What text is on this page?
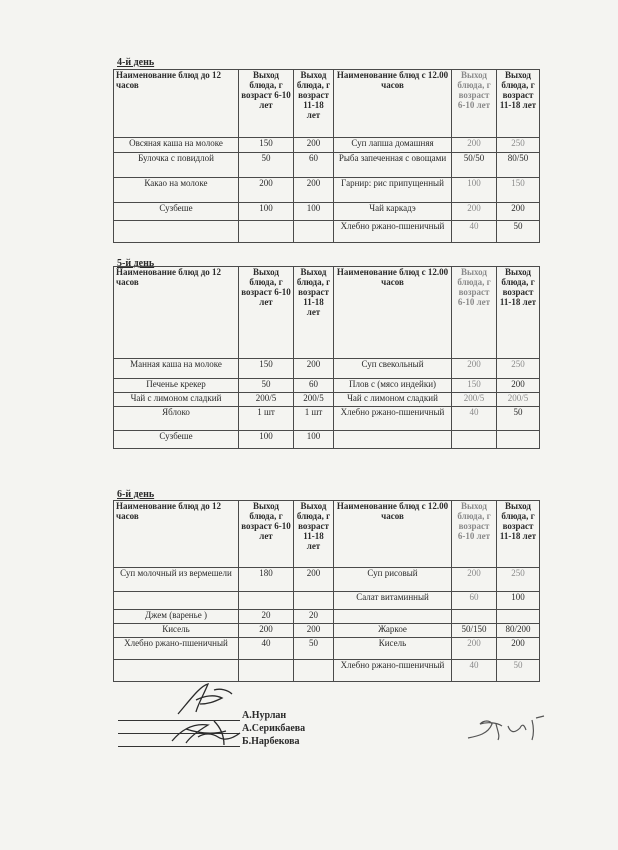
4-й день
Наименование блюд до 12 часов	Выход блюда, г возраст 6-10 лет	Выход блюда, г возраст 11-18 лет	Наименование блюд с 12.00 часов	Выход блюда, г возраст 6-10 лет	Выход блюда, г возраст 11-18 лет
Овсяная каша на молоке	150	200	Суп лапша домашняя	200	250
Булочка с повидлой	50	60	Рыба запеченная с овощами	50/50	80/50
Какао на молоке	200	200	Гарнир: рис припущенный	100	150
Сузбеше	100	100	Чай каркадэ	200	200
			Хлебно ржано-пшеничный	40	50
5-й день
Наименование блюд до 12 часов	Выход блюда, г возраст 6-10 лет	Выход блюда, г возраст 11-18 лет	Наименование блюд с 12.00 часов	Выход блюда, г возраст 6-10 лет	Выход блюда, г возраст 11-18 лет
Манная каша на молоке	150	200	Суп свекольный	200	250
Печенье крекер	50	60	Плов с (мясо индейки)	150	200
Чай с лимоном сладкий	200/5	200/5	Чай с лимоном сладкий	200/5	200/5
Яблоко	1 шт	1 шт	Хлебно ржано-пшеничный	40	50
Сузбеше	100	100			
6-й день
Наименование блюд до 12 часов	Выход блюда, г возраст 6-10 лет	Выход блюда, г возраст 11-18 лет	Наименование блюд с 12.00 часов	Выход блюда, г возраст 6-10 лет	Выход блюда, г возраст 11-18 лет
Суп молочный из вермешели	180	200	Суп рисовый	200	250
			Салат витаминный	60	100
Джем (варенье )	20	20			
Кисель	200	200	Жаркое	50/150	80/200
Хлебно ржано-пшеничный	40	50	Кисель	200	200
			Хлебно ржано-пшеничный	40	50
А.Нурлан
А.Серикбаева
Б.Нарбекова
